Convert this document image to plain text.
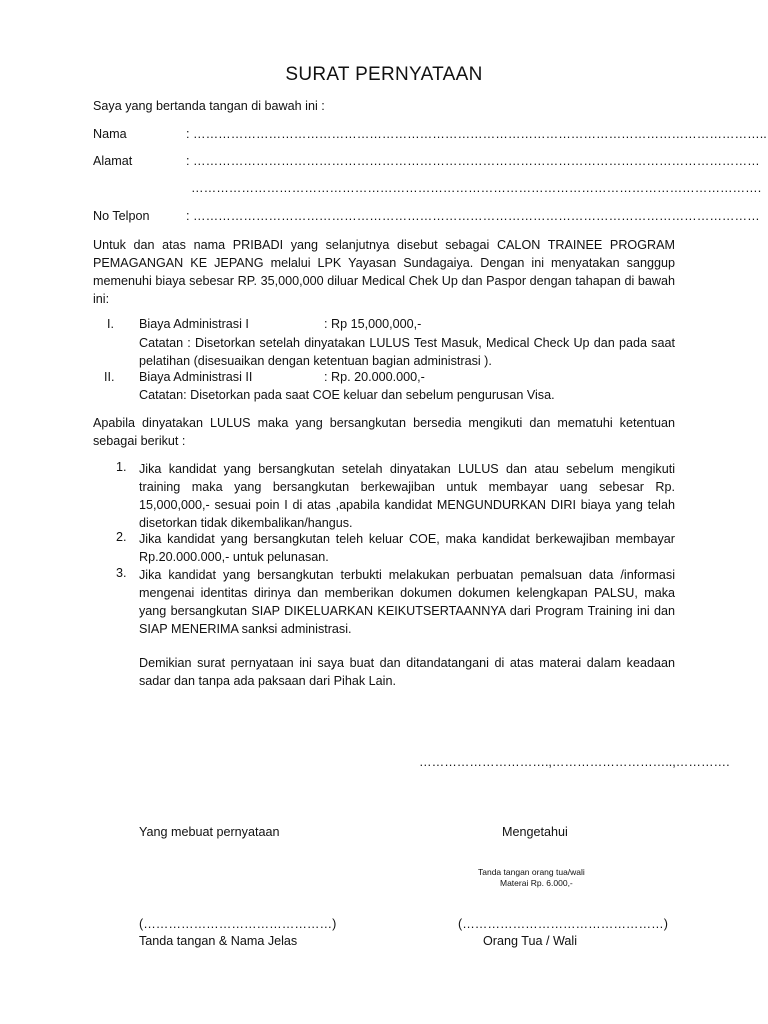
SURAT PERNYATAAN
Saya yang bertanda tangan di bawah ini :
Nama	: ………………………………………………………………………………………………………………………..
Alamat	: ………………………………………………………………………………………………………………………
……………………………………………………………………………………………………………………….
No Telpon	: ………………………………………………………………………………………………………………………
Untuk dan atas nama PRIBADI yang selanjutnya disebut sebagai CALON TRAINEE PROGRAM PEMAGANGAN KE JEPANG melalui LPK Yayasan Sundagaiya. Dengan ini menyatakan sanggup memenuhi biaya sebesar RP. 35,000,000 diluar Medical Chek Up dan Paspor dengan tahapan di bawah ini:
I. Biaya Administrasi I	: Rp 15,000,000,-
Catatan : Disetorkan setelah dinyatakan LULUS Test Masuk, Medical Check Up dan pada saat pelatihan (disesuaikan dengan ketentuan bagian administrasi ).
II. Biaya Administrasi II	: Rp. 20.000.000,-
Catatan: Disetorkan pada saat COE keluar dan sebelum pengurusan Visa.
Apabila dinyatakan LULUS maka yang bersangkutan bersedia mengikuti dan mematuhi ketentuan sebagai berikut :
1. Jika kandidat yang bersangkutan setelah dinyatakan LULUS dan atau sebelum mengikuti training maka yang bersangkutan berkewajiban untuk membayar uang sebesar Rp. 15,000,000,- sesuai poin I di atas ,apabila kandidat MENGUNDURKAN DIRI biaya yang telah disetorkan tidak dikembalikan/hangus.
2. Jika kandidat yang bersangkutan teleh keluar COE, maka kandidat berkewajiban membayar Rp.20.000.000,- untuk pelunasan.
3. Jika kandidat yang bersangkutan terbukti melakukan perbuatan pemalsuan data /informasi mengenai identitas dirinya dan memberikan dokumen dokumen kelengkapan PALSU, maka yang bersangkutan SIAP DIKELUARKAN KEIKUTSERTAANNYA dari Program Training ini dan SIAP MENERIMA sanksi administrasi.
Demikian surat pernyataan ini saya buat dan ditandatangani di atas materai dalam keadaan sadar dan tanpa ada paksaan dari Pihak Lain.
………………………….,………………………..,………….
Yang mebuat pernyataan	Mengetahui
Tanda tangan orang tua/wali
Materai Rp. 6.000,-
(………………………………………)	(…………………………………………)
Tanda tangan & Nama Jelas	Orang Tua / Wali
